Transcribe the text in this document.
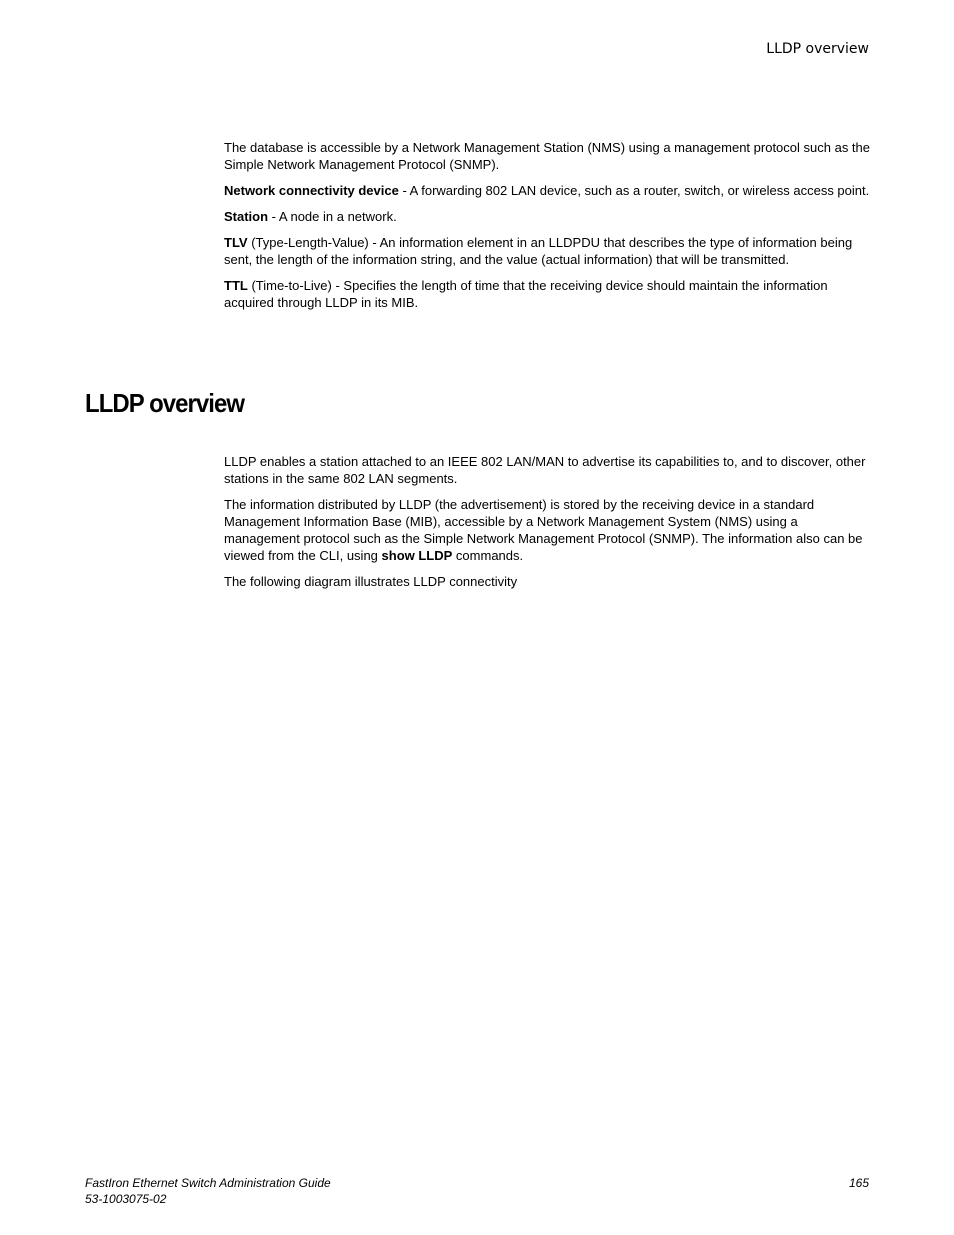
LLDP overview

The database is accessible by a Network Management Station (NMS) using a management protocol such as the Simple Network Management Protocol (SNMP).

Network connectivity device - A forwarding 802 LAN device, such as a router, switch, or wireless access point.

Station - A node in a network.

TLV (Type-Length-Value) - An information element in an LLDPDU that describes the type of information being sent, the length of the information string, and the value (actual information) that will be transmitted.

TTL (Time-to-Live) - Specifies the length of time that the receiving device should maintain the information acquired through LLDP in its MIB.

LLDP overview

LLDP enables a station attached to an IEEE 802 LAN/MAN to advertise its capabilities to, and to discover, other stations in the same 802 LAN segments.

The information distributed by LLDP (the advertisement) is stored by the receiving device in a standard Management Information Base (MIB), accessible by a Network Management System (NMS) using a management protocol such as the Simple Network Management Protocol (SNMP). The information also can be viewed from the CLI, using show LLDP commands.

The following diagram illustrates LLDP connectivity

FastIron Ethernet Switch Administration Guide
53-1003075-02
165
